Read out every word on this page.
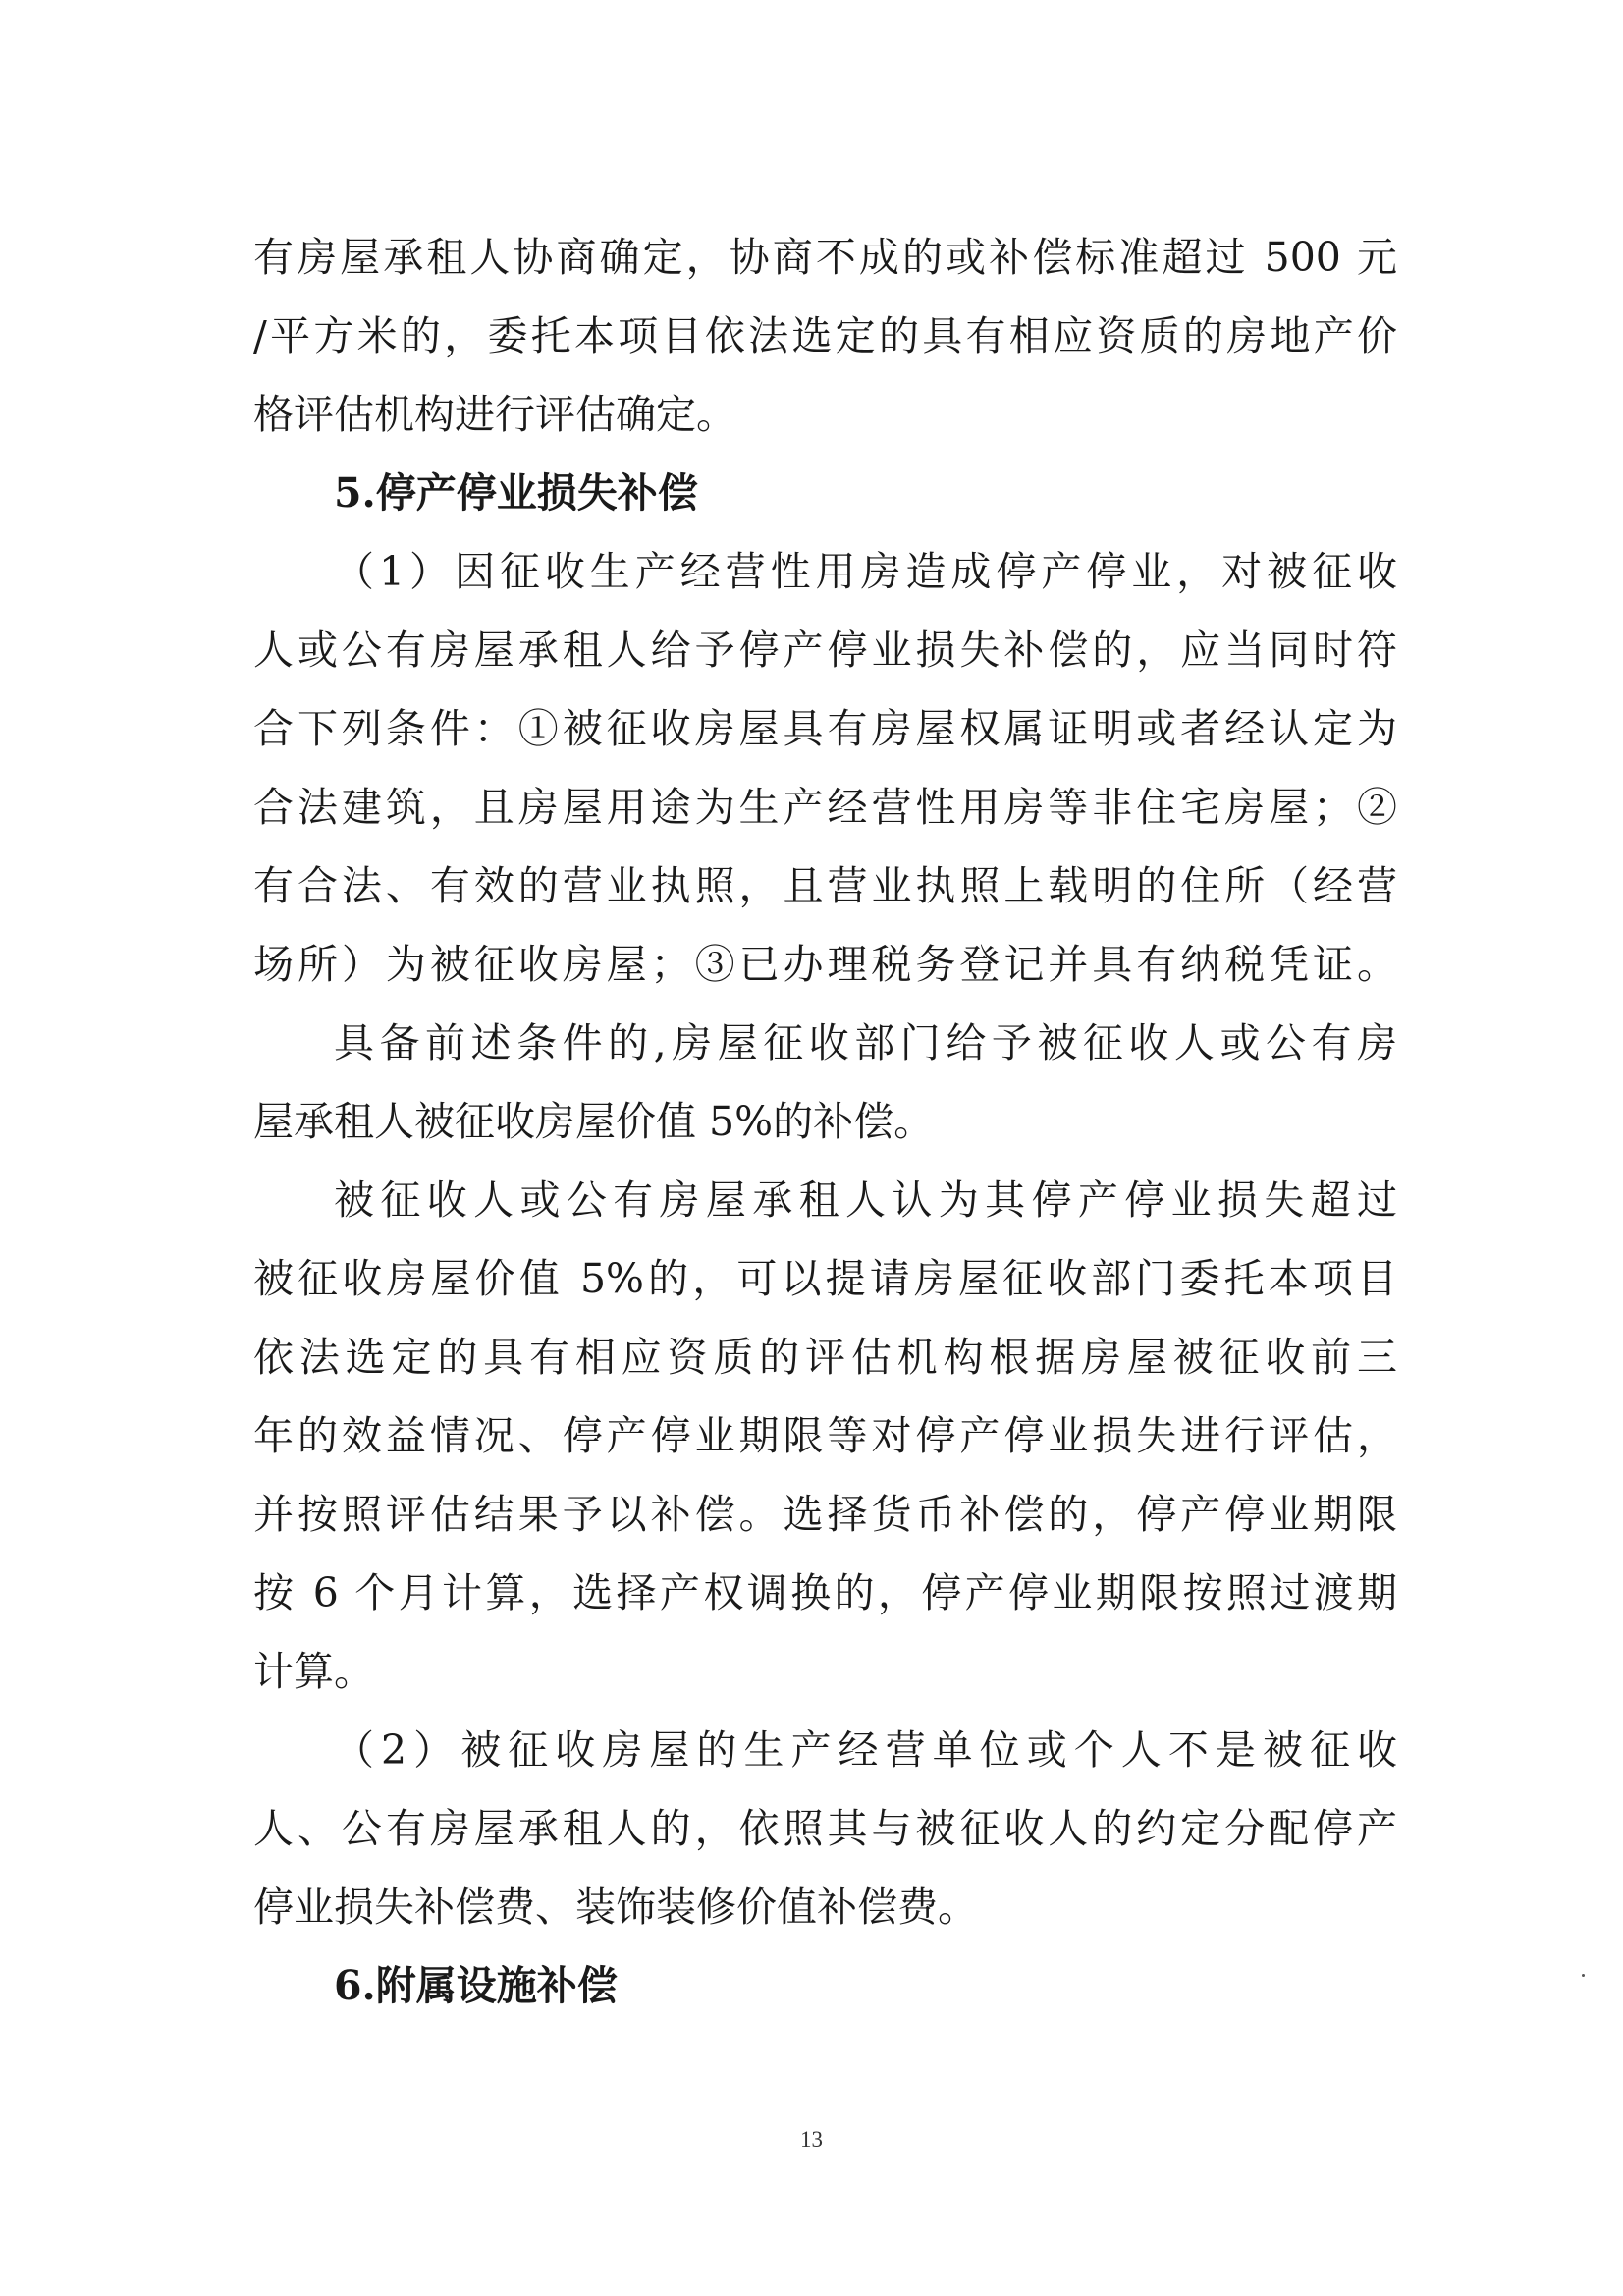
有房屋承租人协商确定，协商不成的或补偿标准超过 500 元
/平方米的，委托本项目依法选定的具有相应资质的房地产价
格评估机构进行评估确定。
5.停产停业损失补偿
（1）因征收生产经营性用房造成停产停业，对被征收
人或公有房屋承租人给予停产停业损失补偿的，应当同时符
合下列条件：①被征收房屋具有房屋权属证明或者经认定为
合法建筑，且房屋用途为生产经营性用房等非住宅房屋；②
有合法、有效的营业执照，且营业执照上载明的住所（经营
场所）为被征收房屋；③已办理税务登记并具有纳税凭证。
具备前述条件的,房屋征收部门给予被征收人或公有房
屋承租人被征收房屋价值 5%的补偿。
被征收人或公有房屋承租人认为其停产停业损失超过
被征收房屋价值 5%的，可以提请房屋征收部门委托本项目
依法选定的具有相应资质的评估机构根据房屋被征收前三
年的效益情况、停产停业期限等对停产停业损失进行评估，
并按照评估结果予以补偿。选择货币补偿的，停产停业期限
按 6 个月计算，选择产权调换的，停产停业期限按照过渡期
计算。
（2）被征收房屋的生产经营单位或个人不是被征收
人、公有房屋承租人的，依照其与被征收人的约定分配停产
停业损失补偿费、装饰装修价值补偿费。
6.附属设施补偿
13
